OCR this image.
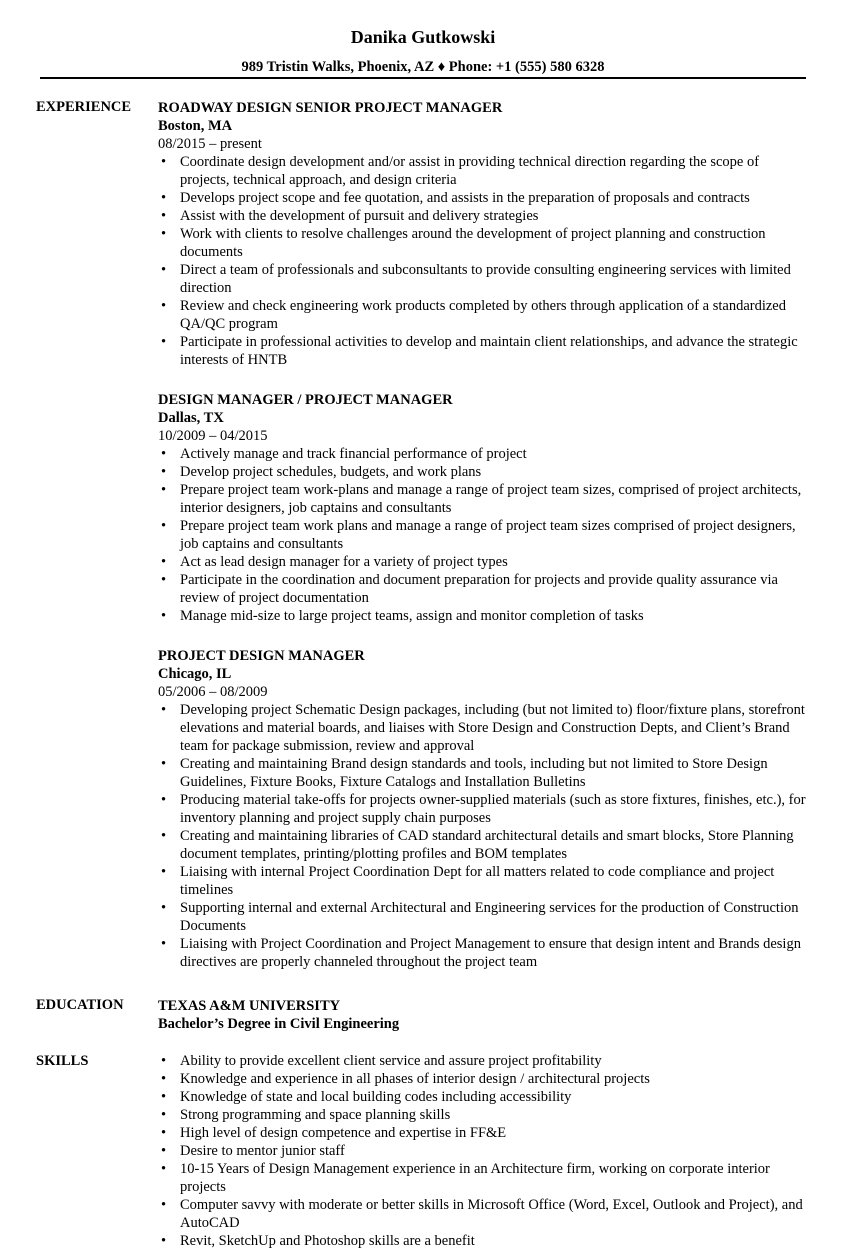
Danika Gutkowski
989 Tristin Walks, Phoenix, AZ ♦ Phone: +1 (555) 580 6328
EXPERIENCE ROADWAY DESIGN SENIOR PROJECT MANAGER
Boston, MA
08/2015 – present
• Coordinate design development and/or assist in providing technical direction regarding the scope of projects, technical approach, and design criteria
• Develops project scope and fee quotation, and assists in the preparation of proposals and contracts
• Assist with the development of pursuit and delivery strategies
• Work with clients to resolve challenges around the development of project planning and construction documents
• Direct a team of professionals and subconsultants to provide consulting engineering services with limited direction
• Review and check engineering work products completed by others through application of a standardized QA/QC program
• Participate in professional activities to develop and maintain client relationships, and advance the strategic interests of HNTB
DESIGN MANAGER / PROJECT MANAGER
Dallas, TX
10/2009 – 04/2015
• Actively manage and track financial performance of project
• Develop project schedules, budgets, and work plans
• Prepare project team work-plans and manage a range of project team sizes, comprised of project architects, interior designers, job captains and consultants
• Prepare project team work plans and manage a range of project team sizes comprised of project designers, job captains and consultants
• Act as lead design manager for a variety of project types
• Participate in the coordination and document preparation for projects and provide quality assurance via review of project documentation
• Manage mid-size to large project teams, assign and monitor completion of tasks
PROJECT DESIGN MANAGER
Chicago, IL
05/2006 – 08/2009
• Developing project Schematic Design packages, including (but not limited to) floor/fixture plans, storefront elevations and material boards, and liaises with Store Design and Construction Depts, and Client’s Brand team for package submission, review and approval
• Creating and maintaining Brand design standards and tools, including but not limited to Store Design Guidelines, Fixture Books, Fixture Catalogs and Installation Bulletins
• Producing material take-offs for projects owner-supplied materials (such as store fixtures, finishes, etc.), for inventory planning and project supply chain purposes
• Creating and maintaining libraries of CAD standard architectural details and smart blocks, Store Planning document templates, printing/plotting profiles and BOM templates
• Liaising with internal Project Coordination Dept for all matters related to code compliance and project timelines
• Supporting internal and external Architectural and Engineering services for the production of Construction Documents
• Liaising with Project Coordination and Project Management to ensure that design intent and Brands design directives are properly channeled throughout the project team
EDUCATION TEXAS A&M UNIVERSITY
Bachelor’s Degree in Civil Engineering
SKILLS
•	Ability to provide excellent client service and assure project profitability
• Knowledge and experience in all phases of interior design / architectural projects
• Knowledge of state and local building codes including accessibility
• Strong programming and space planning skills
• High level of design competence and expertise in FF&E
• Desire to mentor junior staff
• 10-15 Years of Design Management experience in an Architecture firm, working on corporate interior projects
• Computer savvy with moderate or better skills in Microsoft Office (Word, Excel, Outlook and Project), and AutoCAD
• Revit, SketchUp and Photoshop skills are a benefit
